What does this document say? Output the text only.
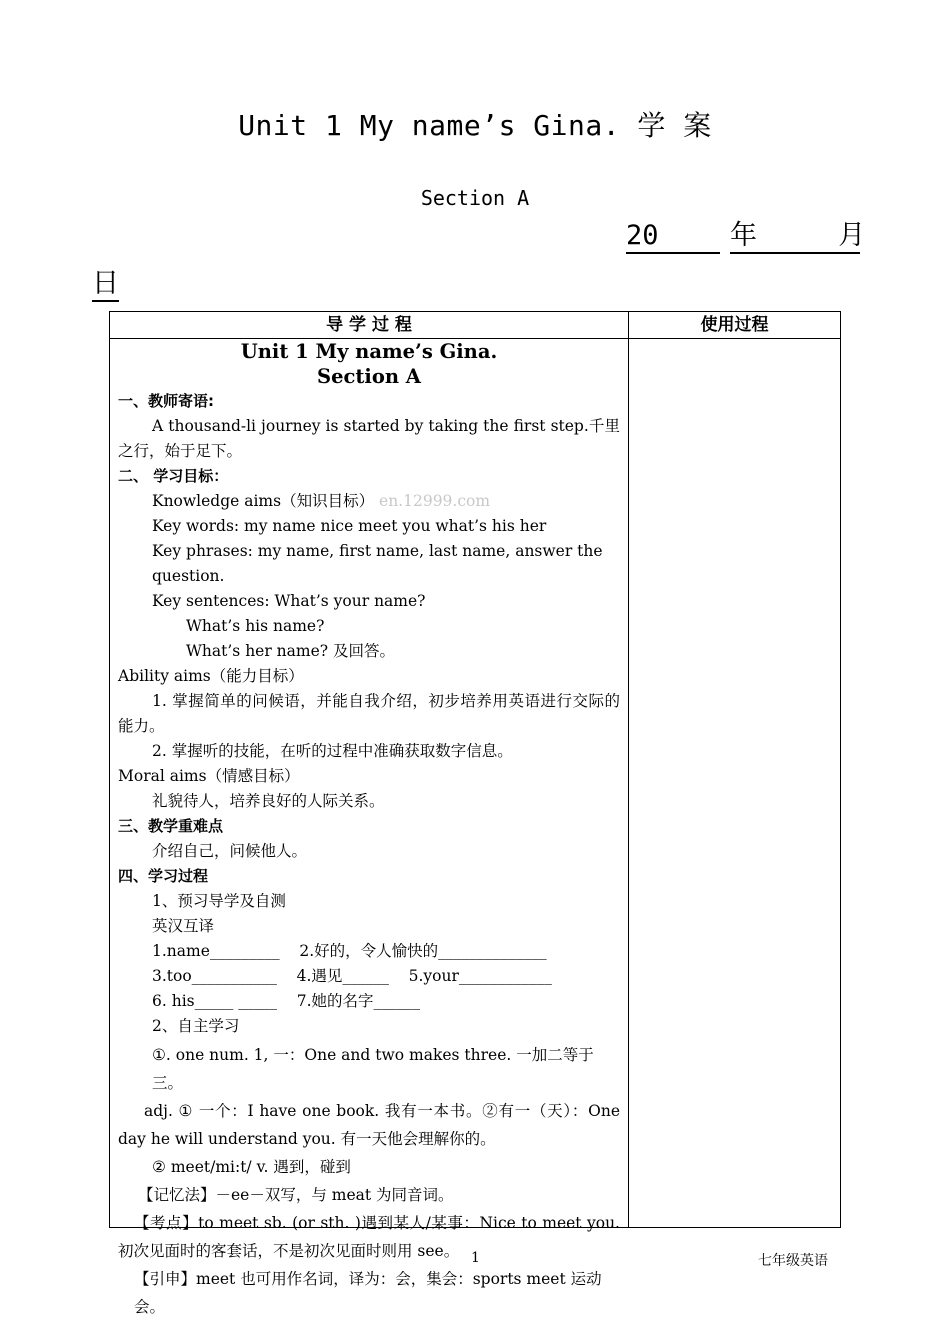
Unit 1 My name’s Gina. 学 案
Section A
20	年     月
日
导 学 过 程	使用过程
Unit 1 My name’s Gina.
Section A
一、教师寄语:
A thousand-li journey is started by taking the first step.千里之行，始于足下。
二、 学习目标：
Knowledge aims（知识目标） en.12999.com
Key words: my name nice meet you what’s his her
Key phrases: my name, first name, last name, answer the question.
Key sentences: What’s your name?
What’s his name?
What’s her name? 及回答。
Ability aims（能力目标）
1. 掌握简单的问候语，并能自我介绍，初步培养用英语进行交际的能力。
2. 掌握听的技能，在听的过程中准确获取数字信息。
Moral aims（情感目标）
礼貌待人，培养良好的人际关系。
三、教学重难点
介绍自己，问候他人。
四、学习过程
1、预习导学及自测
英汉互译
1.name_________    2.好的，令人愉快的______________
3.too___________    4.遇见______    5.your____________
6. his_____ _____    7.她的名字______
2、自主学习
①. one num. 1, 一：One and two makes three. 一加二等于三。
adj. ① 一个：I have one book. 我有一本书。②有一（天）：One day he will understand you. 有一天他会理解你的。
② meet/mi:t/ v. 遇到，碰到
【记忆法】－ee－双写，与 meat 为同音词。
【考点】to meet sb. (or sth. )遇到某人/某事：Nice to meet you. 初次见面时的客套话，不是初次见面时则用 see。
【引申】meet 也可用作名词，译为：会，集会：sports meet 运动会。
1	七年级英语
